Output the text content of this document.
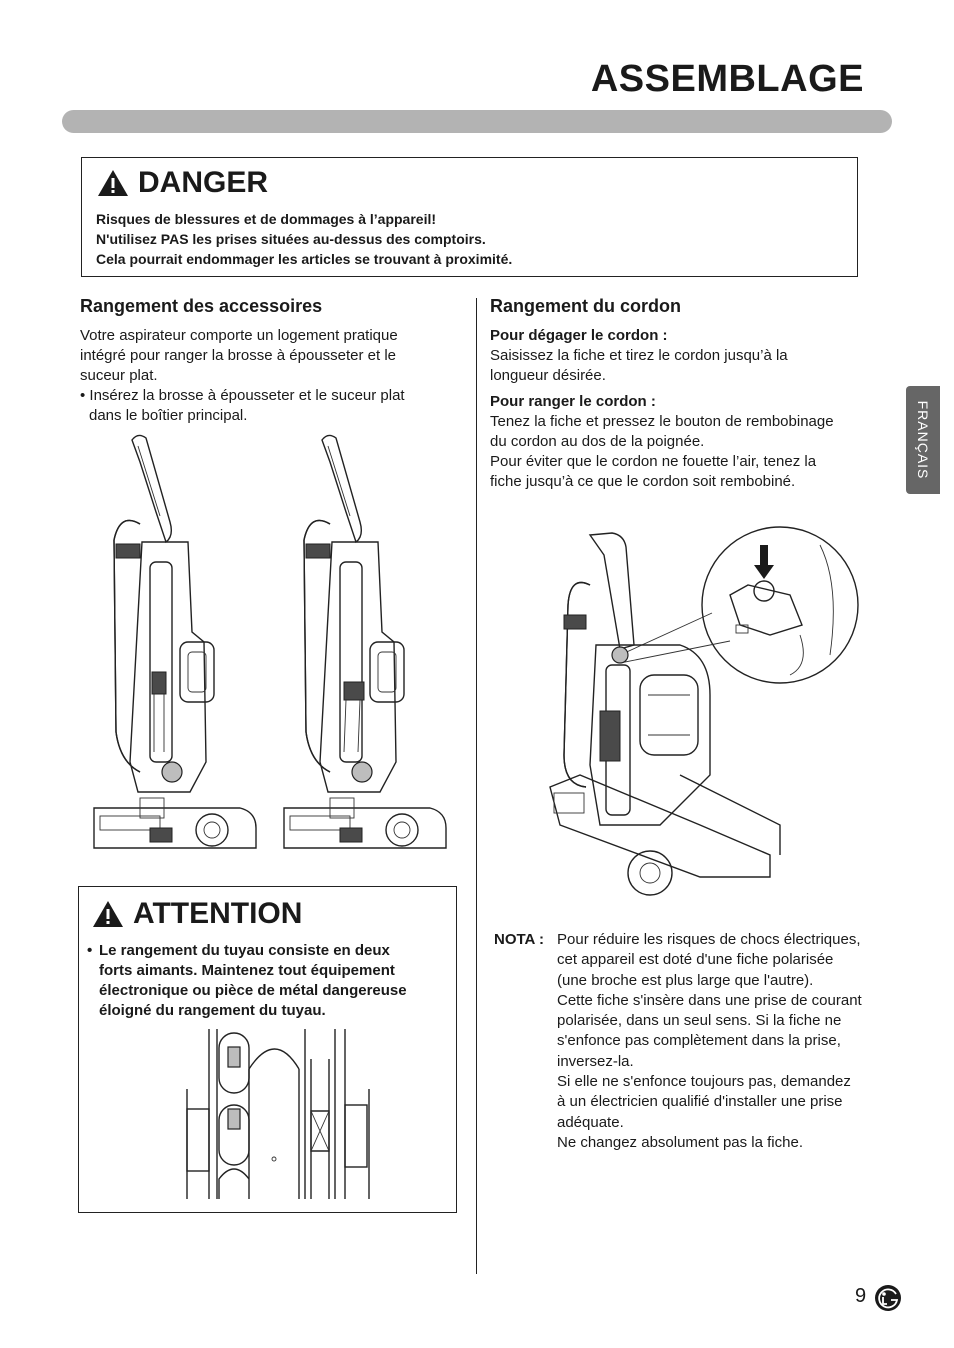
ASSEMBLAGE
DANGER
Risques de blessures et de dommages à l’appareil!
N'utilisez PAS les prises situées au-dessus des comptoirs.
Cela pourrait endommager les articles se trouvant à proximité.
Rangement des accessoires
Votre aspirateur comporte un logement pratique
intégré pour ranger la brosse à épousseter et le
suceur plat.
• Insérez la brosse à épousseter et le suceur plat
dans le boîtier principal.
ATTENTION
• Le rangement du tuyau consiste en deux
forts aimants. Maintenez tout équipement
électronique ou pièce de métal dangereuse
éloigné du rangement du tuyau.
Rangement du cordon
Pour dégager le cordon :
Saisissez la fiche et tirez le cordon jusqu’à la
longueur désirée.
Pour ranger le cordon :
Tenez la fiche et pressez le bouton de rembobinage
du cordon au dos de la poignée.
Pour éviter que le cordon ne fouette l’air, tenez la
fiche jusqu’à ce que le cordon soit rembobiné.
NOTA : Pour réduire les risques de chocs électriques,
cet appareil est doté d'une fiche polarisée
(une broche est plus large que l'autre).
Cette fiche s'insère dans une prise de courant
polarisée, dans un seul sens. Si la fiche ne
s'enfonce pas complètement dans la prise,
inversez-la.
Si elle ne s'enfonce toujours pas, demandez
à un électricien qualifié d'installer une prise
adéquate.
Ne changez absolument pas la fiche.
FRANÇAIS
9
